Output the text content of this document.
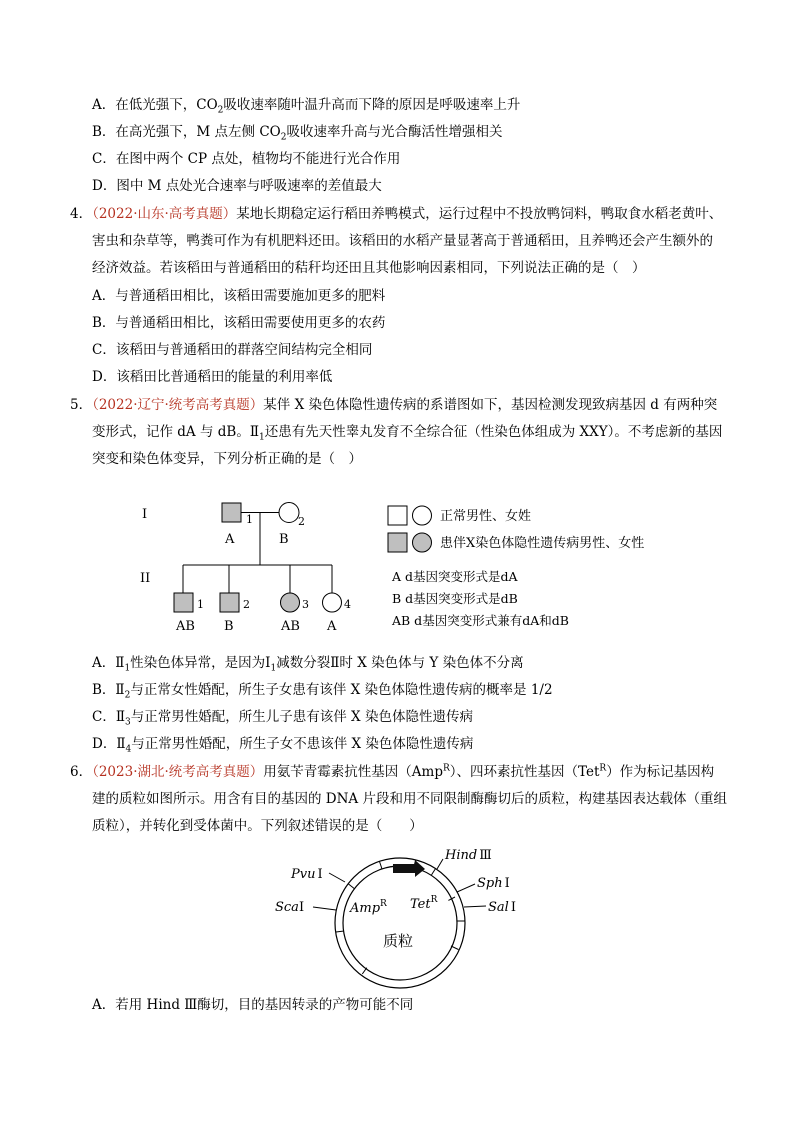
A．在低光强下，$CO_2$吸收速率随叶温升高而下降的原因是呼吸速率上升
B．在高光强下，M 点左侧 $CO_2$吸收速率升高与光合酶活性增强相关
C．在图中两个 CP 点处，植物均不能进行光合作用
D．图中 M 点处光合速率与呼吸速率的差值最大
4．（2022·山东·高考真题）某地长期稳定运行稻田养鸭模式，运行过程中不投放鸭饲料，鸭取食水稻老黄叶、
害虫和杂草等，鸭粪可作为有机肥料还田。该稻田的水稻产量显著高于普通稻田，且养鸭还会产生额外的
经济效益。若该稻田与普通稻田的秸秆均还田且其他影响因素相同，下列说法正确的是（　）
A．与普通稻田相比，该稻田需要施加更多的肥料
B．与普通稻田相比，该稻田需要使用更多的农药
C．该稻田与普通稻田的群落空间结构完全相同
D．该稻田比普通稻田的能量的利用率低
5．（2022·辽宁·统考高考真题）某伴 X 染色体隐性遗传病的系谱图如下，基因检测发现致病基因 d 有两种突
变形式，记作 dA 与 dB。$Ⅱ_1$还患有先天性睾丸发育不全综合征（性染色体组成为 XXY）。不考虑新的基因
突变和染色体变异，下列分析正确的是（　）
I
II
1	2
A	B
1	2	3	4
AB B	AB A
正常男性、女姓
患伴X染色体隐性遗传病男性、女性
A d基因突变形式是dA
B d基因突变形式是dB
AB d基因突变形式兼有dA和dB
A．$Ⅱ_1$性染色体异常，是因为$Ⅰ_1$减数分裂Ⅱ时 X 染色体与 Y 染色体不分离
B．$Ⅱ_2$与正常女性婚配，所生子女患有该伴 X 染色体隐性遗传病的概率是 1/2
C．$Ⅱ_3$与正常男性婚配，所生儿子患有该伴 X 染色体隐性遗传病
D．$Ⅱ_4$与正常男性婚配，所生子女不患该伴 X 染色体隐性遗传病
6．（2023·湖北·统考高考真题）用氨苄青霉素抗性基因（Amp$^R$）、四环素抗性基因（Tet$^R$）作为标记基因构
建的质粒如图所示。用含有目的基因的 DNA 片段和用不同限制酶酶切后的质粒，构建基因表达载体（重组
质粒），并转化到受体菌中。下列叙述错误的是（　　）
Amp$^R$ Tet$^R$
质粒
Hind Ⅲ
Sph Ⅰ
Sal Ⅰ
Pvu Ⅰ
ScaⅠ
A．若用 Hind Ⅲ酶切，目的基因转录的产物可能不同
